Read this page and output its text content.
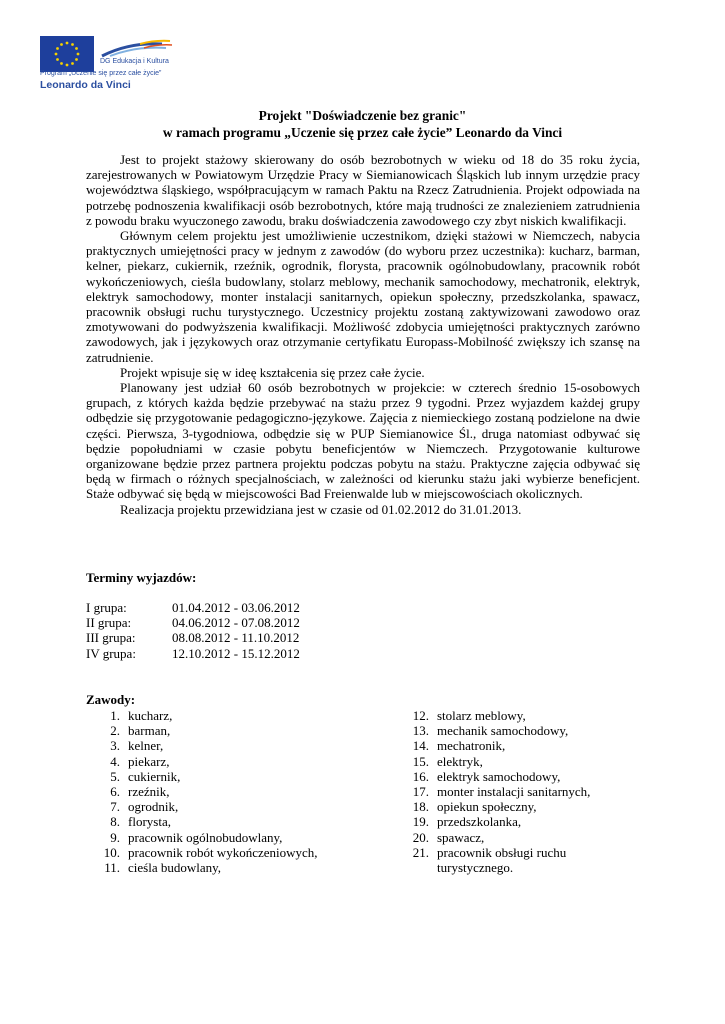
DG Edukacja i Kultura
Program „Uczenie się przez całe życie”
Leonardo da Vinci
Projekt "Doświadczenie bez granic"
w ramach programu „Uczenie się przez całe życie” Leonardo da Vinci

Jest to projekt stażowy skierowany do osób bezrobotnych w wieku od 18 do 35 roku życia, zarejestrowanych w Powiatowym Urzędzie Pracy w Siemianowicach Śląskich lub innym urzędzie pracy województwa śląskiego, współpracującym w ramach Paktu na Rzecz Zatrudnienia. Projekt odpowiada na potrzebę podnoszenia kwalifikacji osób bezrobotnych, które mają trudności ze znalezieniem zatrudnienia z powodu braku wyuczonego zawodu, braku doświadczenia zawodowego czy zbyt niskich kwalifikacji.

Głównym celem projektu jest umożliwienie uczestnikom, dzięki stażowi w Niemczech, nabycia praktycznych umiejętności pracy w jednym z zawodów (do wyboru przez uczestnika): kucharz, barman, kelner, piekarz, cukiernik, rzeźnik, ogrodnik, florysta, pracownik ogólnobudowlany, pracownik robót wykończeniowych, cieśla budowlany, stolarz meblowy, mechanik samochodowy, mechatronik, elektryk, elektryk samochodowy, monter instalacji sanitarnych, opiekun społeczny, przedszkolanka, spawacz, pracownik obsługi ruchu turystycznego. Uczestnicy projektu zostaną zaktywizowani zawodowo oraz zmotywowani do podwyższenia kwalifikacji. Możliwość zdobycia umiejętności praktycznych zarówno zawodowych, jak i językowych oraz otrzymanie certyfikatu Europass-Mobilność zwiększy ich szansę na zatrudnienie.

Projekt wpisuje się w ideę kształcenia się przez całe życie.

Planowany jest udział 60 osób bezrobotnych w projekcie: w czterech średnio 15-osobowych grupach, z których każda będzie przebywać na stażu przez 9 tygodni. Przez wyjazdem każdej grupy odbędzie się przygotowanie pedagogiczno-językowe. Zajęcia z niemieckiego zostaną podzielone na dwie części. Pierwsza, 3-tygodniowa, odbędzie się w PUP Siemianowice Śl., druga natomiast odbywać się będzie popołudniami w czasie pobytu beneficjentów w Niemczech. Przygotowanie kulturowe organizowane będzie przez partnera projektu podczas pobytu na stażu. Praktyczne zajęcia odbywać się będą w firmach o różnych specjalnościach, w zależności od kierunku stażu jaki wybierze beneficjent. Staże odbywać się będą w miejscowości Bad Freienwalde lub w miejscowościach okolicznych.

Realizacja projektu przewidziana jest w czasie od 01.02.2012 do 31.01.2013.

Terminy wyjazdów:
I grupa:	01.04.2012 - 03.06.2012
II grupa:	04.06.2012 - 07.08.2012
III grupa:	08.08.2012 - 11.10.2012
IV grupa:	12.10.2012 - 15.12.2012
Zawody:
1. kucharz,
2. barman,
3. kelner,
4. piekarz,
5. cukiernik,
6. rzeźnik,
7. ogrodnik,
8. florysta,
9. pracownik ogólnobudowlany,
10. pracownik robót wykończeniowych,
11. cieśla budowlany,
12. stolarz meblowy,
13. mechanik samochodowy,
14. mechatronik,
15. elektryk,
16. elektryk samochodowy,
17. monter instalacji sanitarnych,
18. opiekun społeczny,
19. przedszkolanka,
20. spawacz,
21. pracownik obsługi ruchu
turystycznego.
